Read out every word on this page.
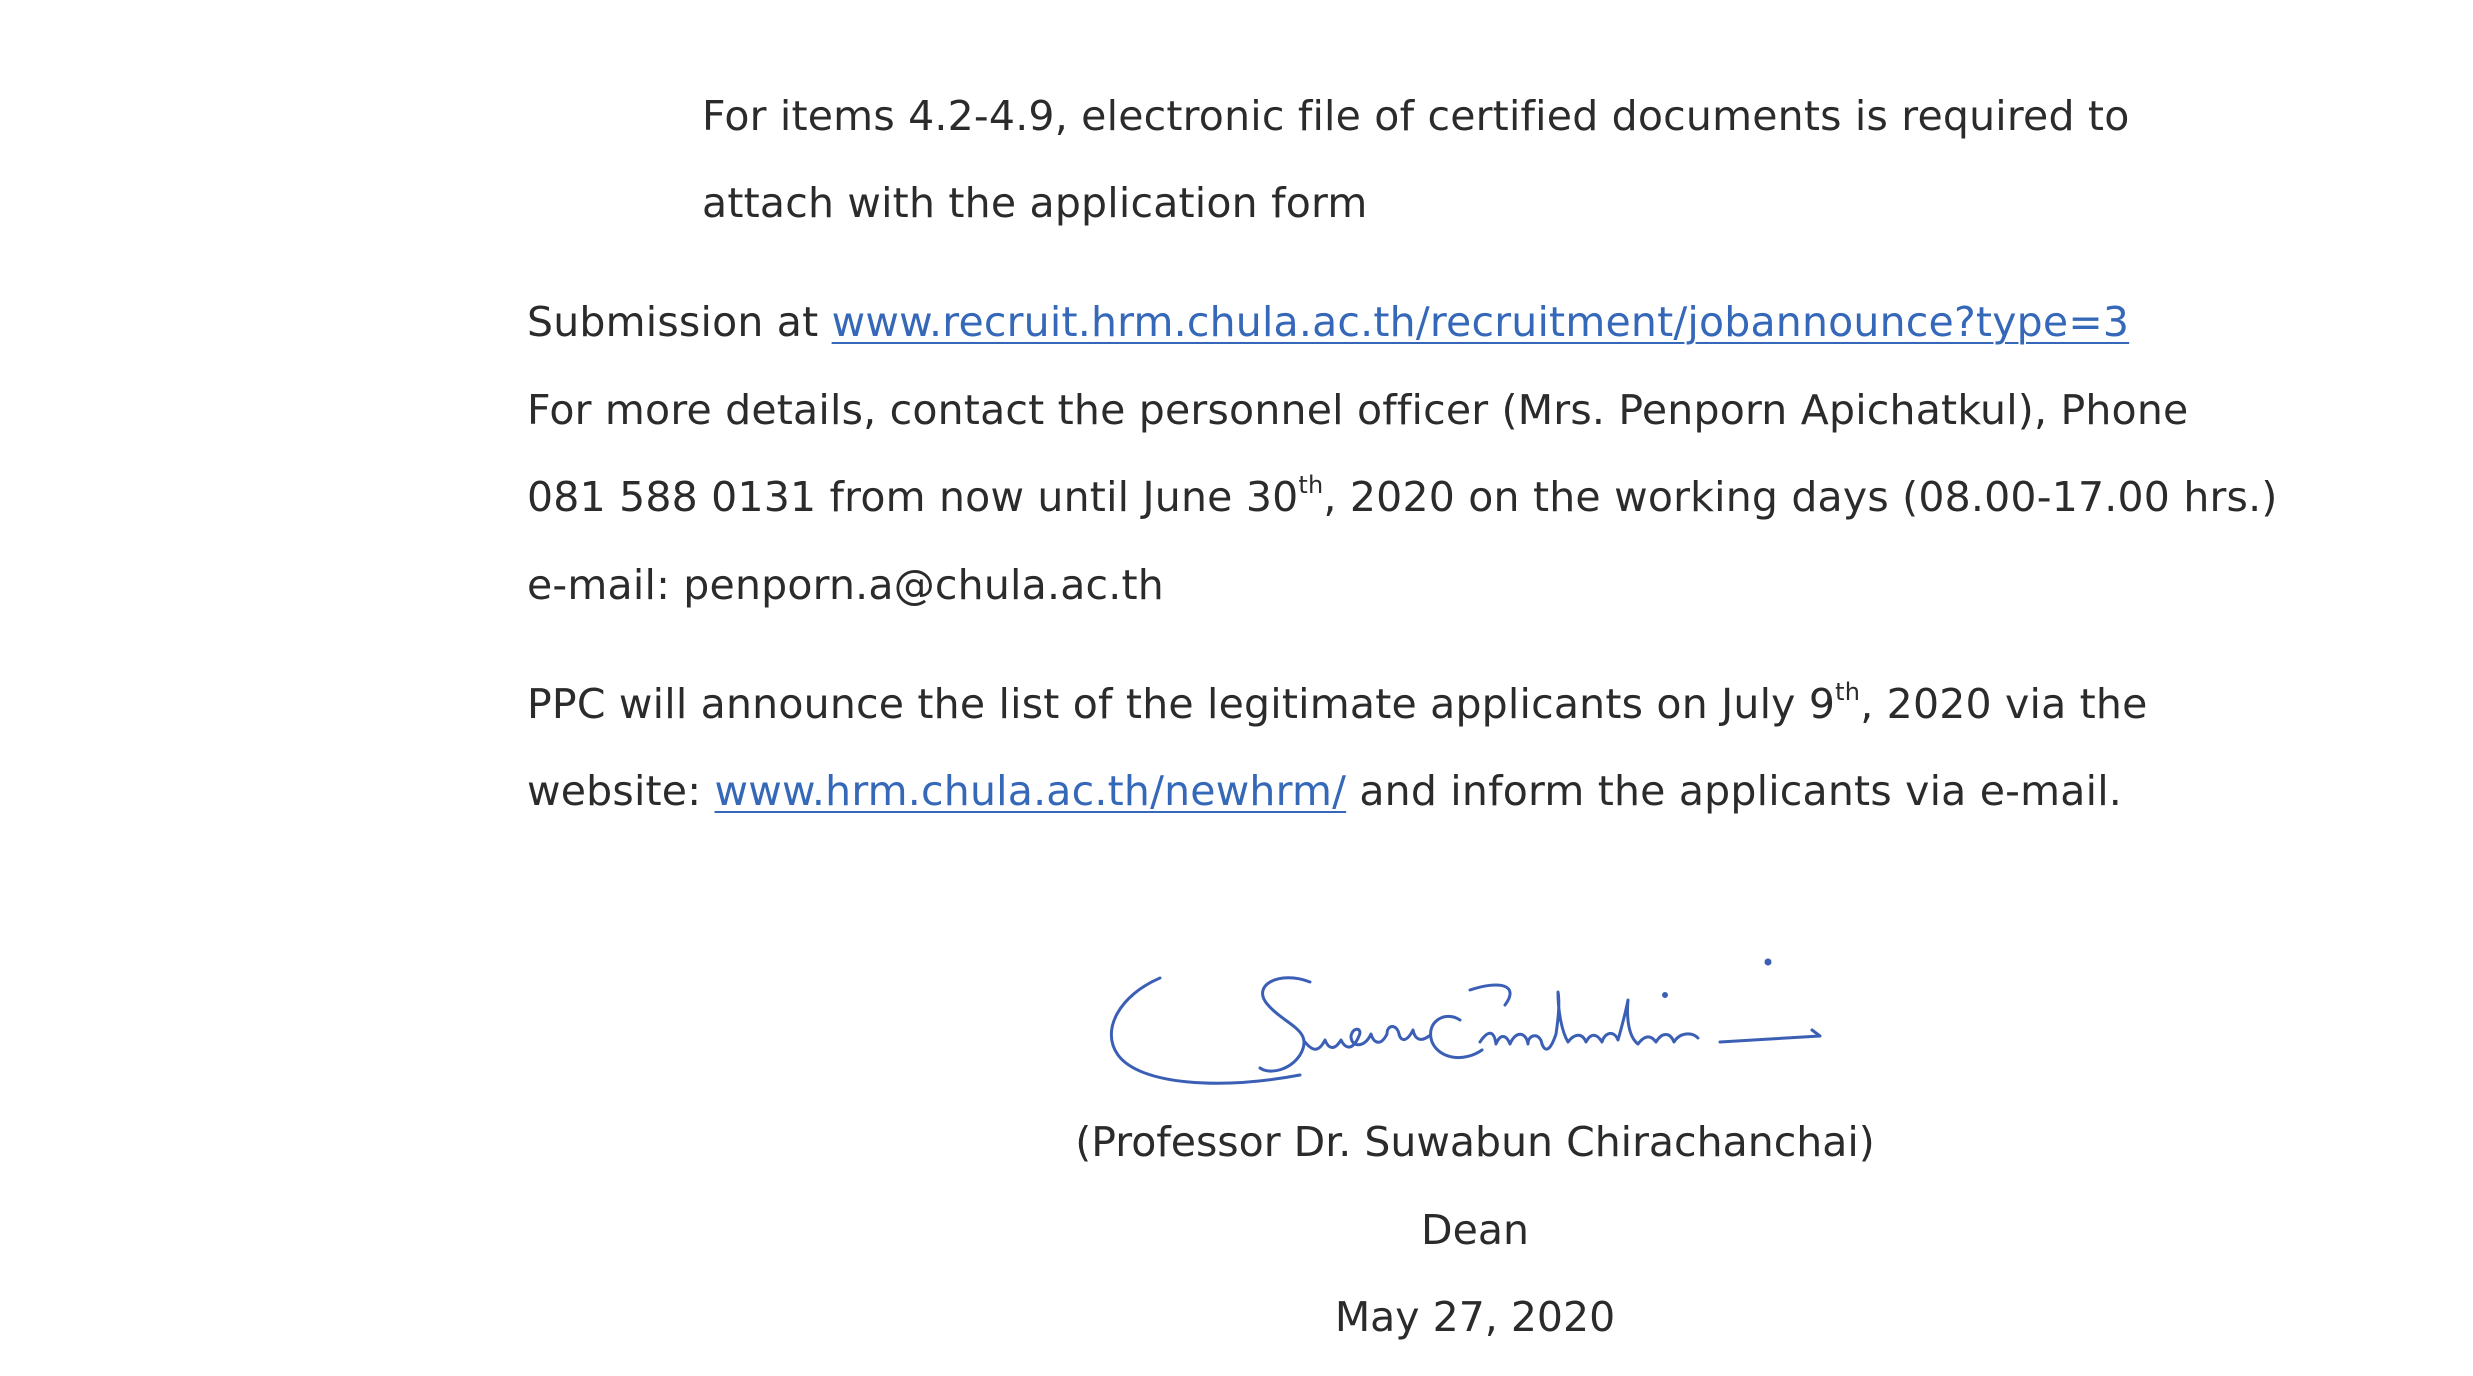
For items 4.2-4.9, electronic file of certified documents is required to
attach with the application form
Submission at www.recruit.hrm.chula.ac.th/recruitment/jobannounce?type=3
For more details, contact the personnel officer (Mrs. Penporn Apichatkul), Phone
081 588 0131 from now until June 30th, 2020 on the working days (08.00-17.00 hrs.)
e-mail: penporn.a@chula.ac.th
PPC will announce the list of the legitimate applicants on July 9th, 2020 via the
website: www.hrm.chula.ac.th/newhrm/ and inform the applicants via e-mail.
(Professor Dr. Suwabun Chirachanchai)
Dean
May 27, 2020
